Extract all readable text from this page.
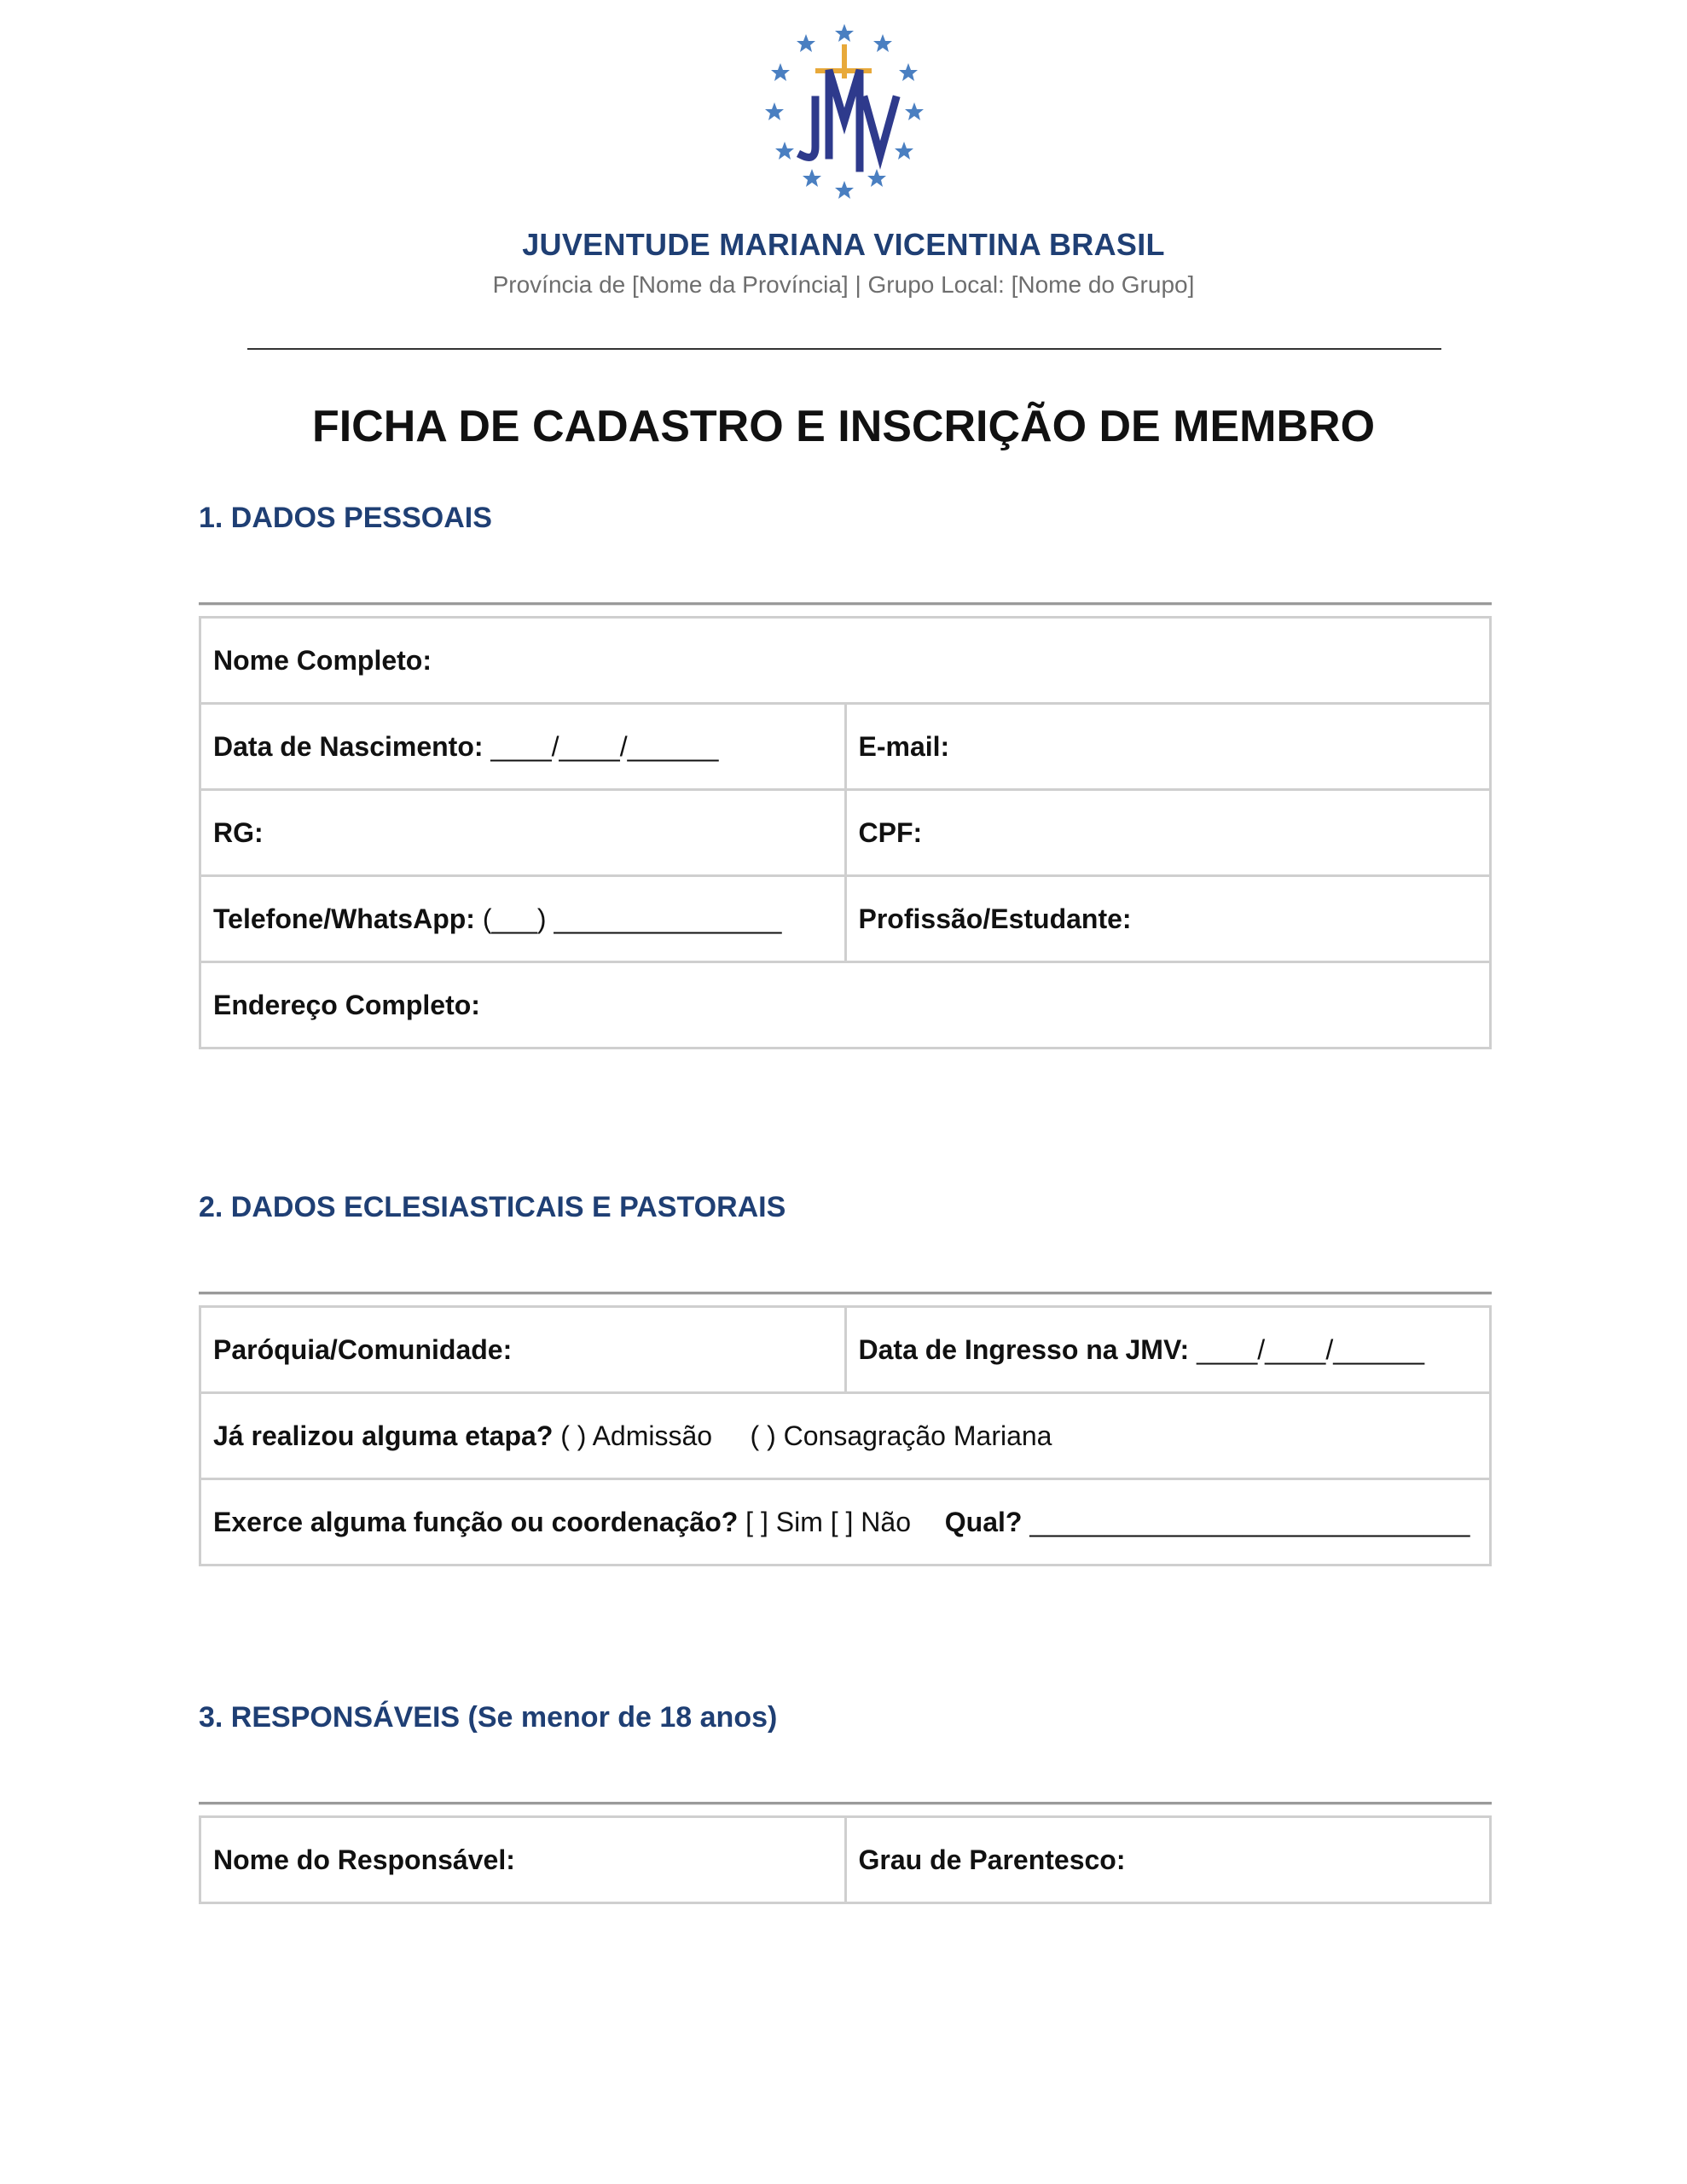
JUVENTUDE MARIANA VICENTINA BRASIL
Província de [Nome da Província] | Grupo Local: [Nome do Grupo]
FICHA DE CADASTRO E INSCRIÇÃO DE MEMBRO
1. DADOS PESSOAIS
Nome Completo:	
Data de Nascimento: ____/____/______	E-mail:
RG:	CPF:
Telefone/WhatsApp: (___) _______________	Profissão/Estudante:
Endereço Completo:	
2. DADOS ECLESIASTICAIS E PASTORAIS
Paróquia/Comunidade:	Data de Ingresso na JMV: ____/____/______
Já realizou alguma etapa? ( ) Admissão     ( ) Consagração Mariana
Exerce alguma função ou coordenação? [ ] Sim [ ] Não Qual? _____________________________
3. RESPONSÁVEIS (Se menor de 18 anos)
Nome do Responsável:	Grau de Parentesco:
